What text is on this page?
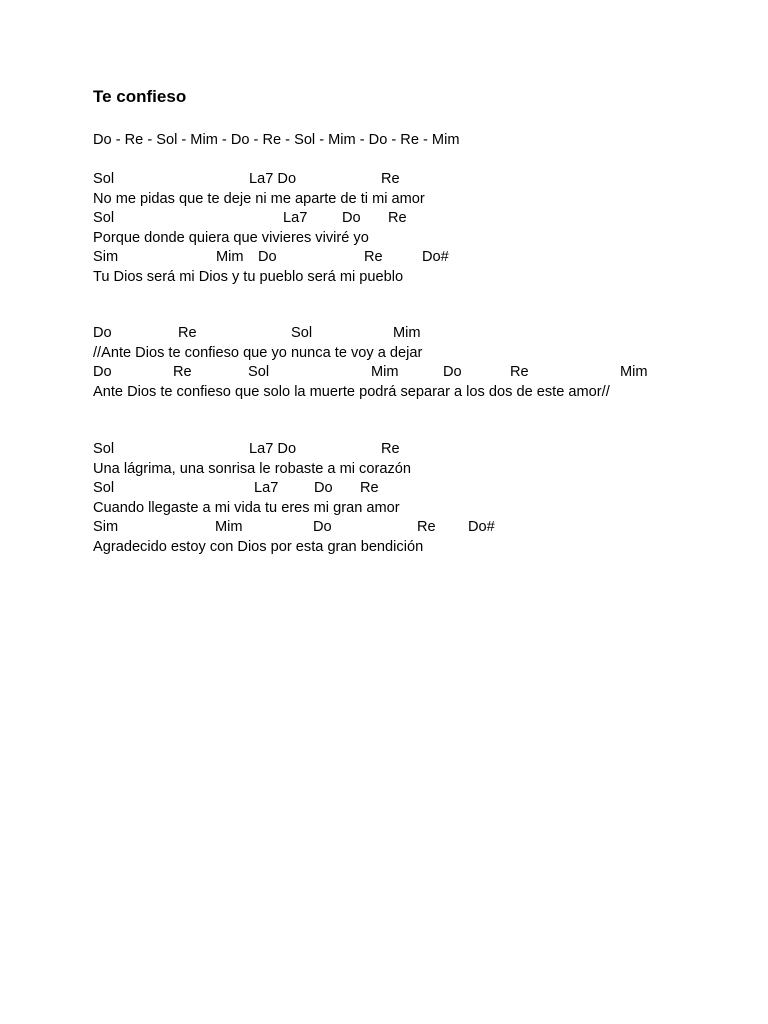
Te confieso
Do - Re - Sol - Mim - Do - Re - Sol - Mim - Do - Re - Mim
Sol	La7 Do	Re
No me pidas que te deje ni me aparte de ti mi amor
Sol	La7 Do Re
Porque donde quiera que vivieres viviré yo
Sim	Mim Do	Re	Do#
Tu Dios será mi Dios y tu pueblo será mi pueblo
Do	Re	Sol	Mim
//Ante Dios te confieso que yo nunca te voy a dejar
Do	Re	Sol	Mim	Do	Re	Mim
Ante Dios te confieso que solo la muerte podrá separar a los dos de este amor//
Sol	La7 Do	Re
Una lágrima, una sonrisa le robaste a mi corazón
Sol	La7 Do Re
Cuando llegaste a mi vida tu eres mi gran amor
Sim	Mim	Do	Re Do#
Agradecido estoy con Dios por esta gran bendición
